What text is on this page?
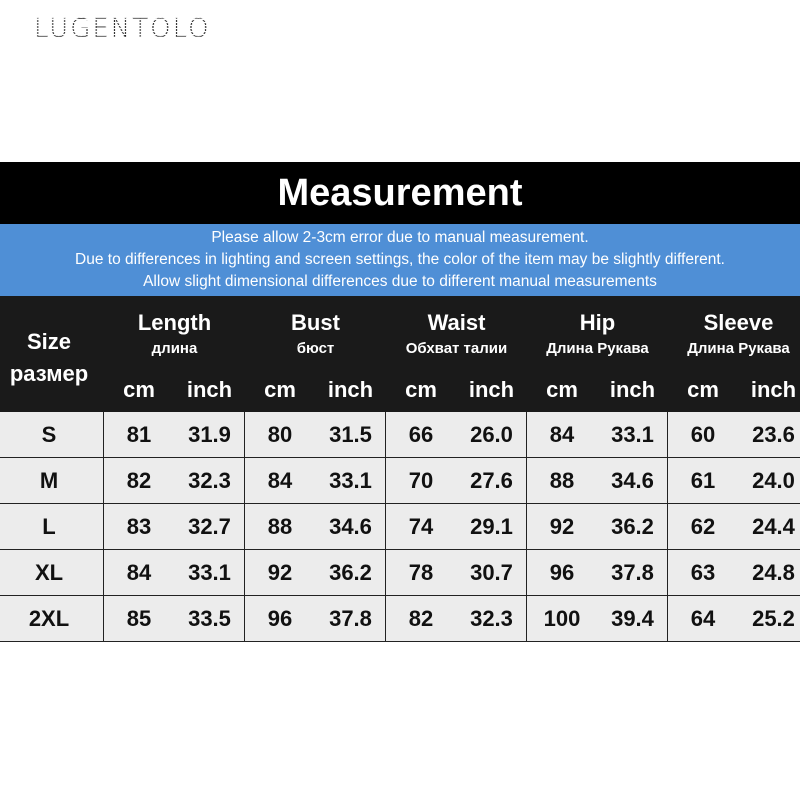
LUGENTOLO
Measurement
Please allow 2-3cm error due to manual measurement.
Due to differences in lighting and screen settings, the color of the item may be slightly different.
Allow slight dimensional differences due to different manual measurements
Size
размер
Length
длина
cm	inch
Bust
бюст
cm	inch
Waist
Обхват талии
cm	inch
Hip
Длина Рукава
cm	inch
Sleeve
Длина Рукава
cm	inch
S	81	31.9	80	31.5	66	26.0	84	33.1	60	23.6
M	82	32.3	84	33.1	70	27.6	88	34.6	61	24.0
L	83	32.7	88	34.6	74	29.1	92	36.2	62	24.4
XL	84	33.1	92	36.2	78	30.7	96	37.8	63	24.8
2XL	85	33.5	96	37.8	82	32.3	100	39.4	64	25.2
